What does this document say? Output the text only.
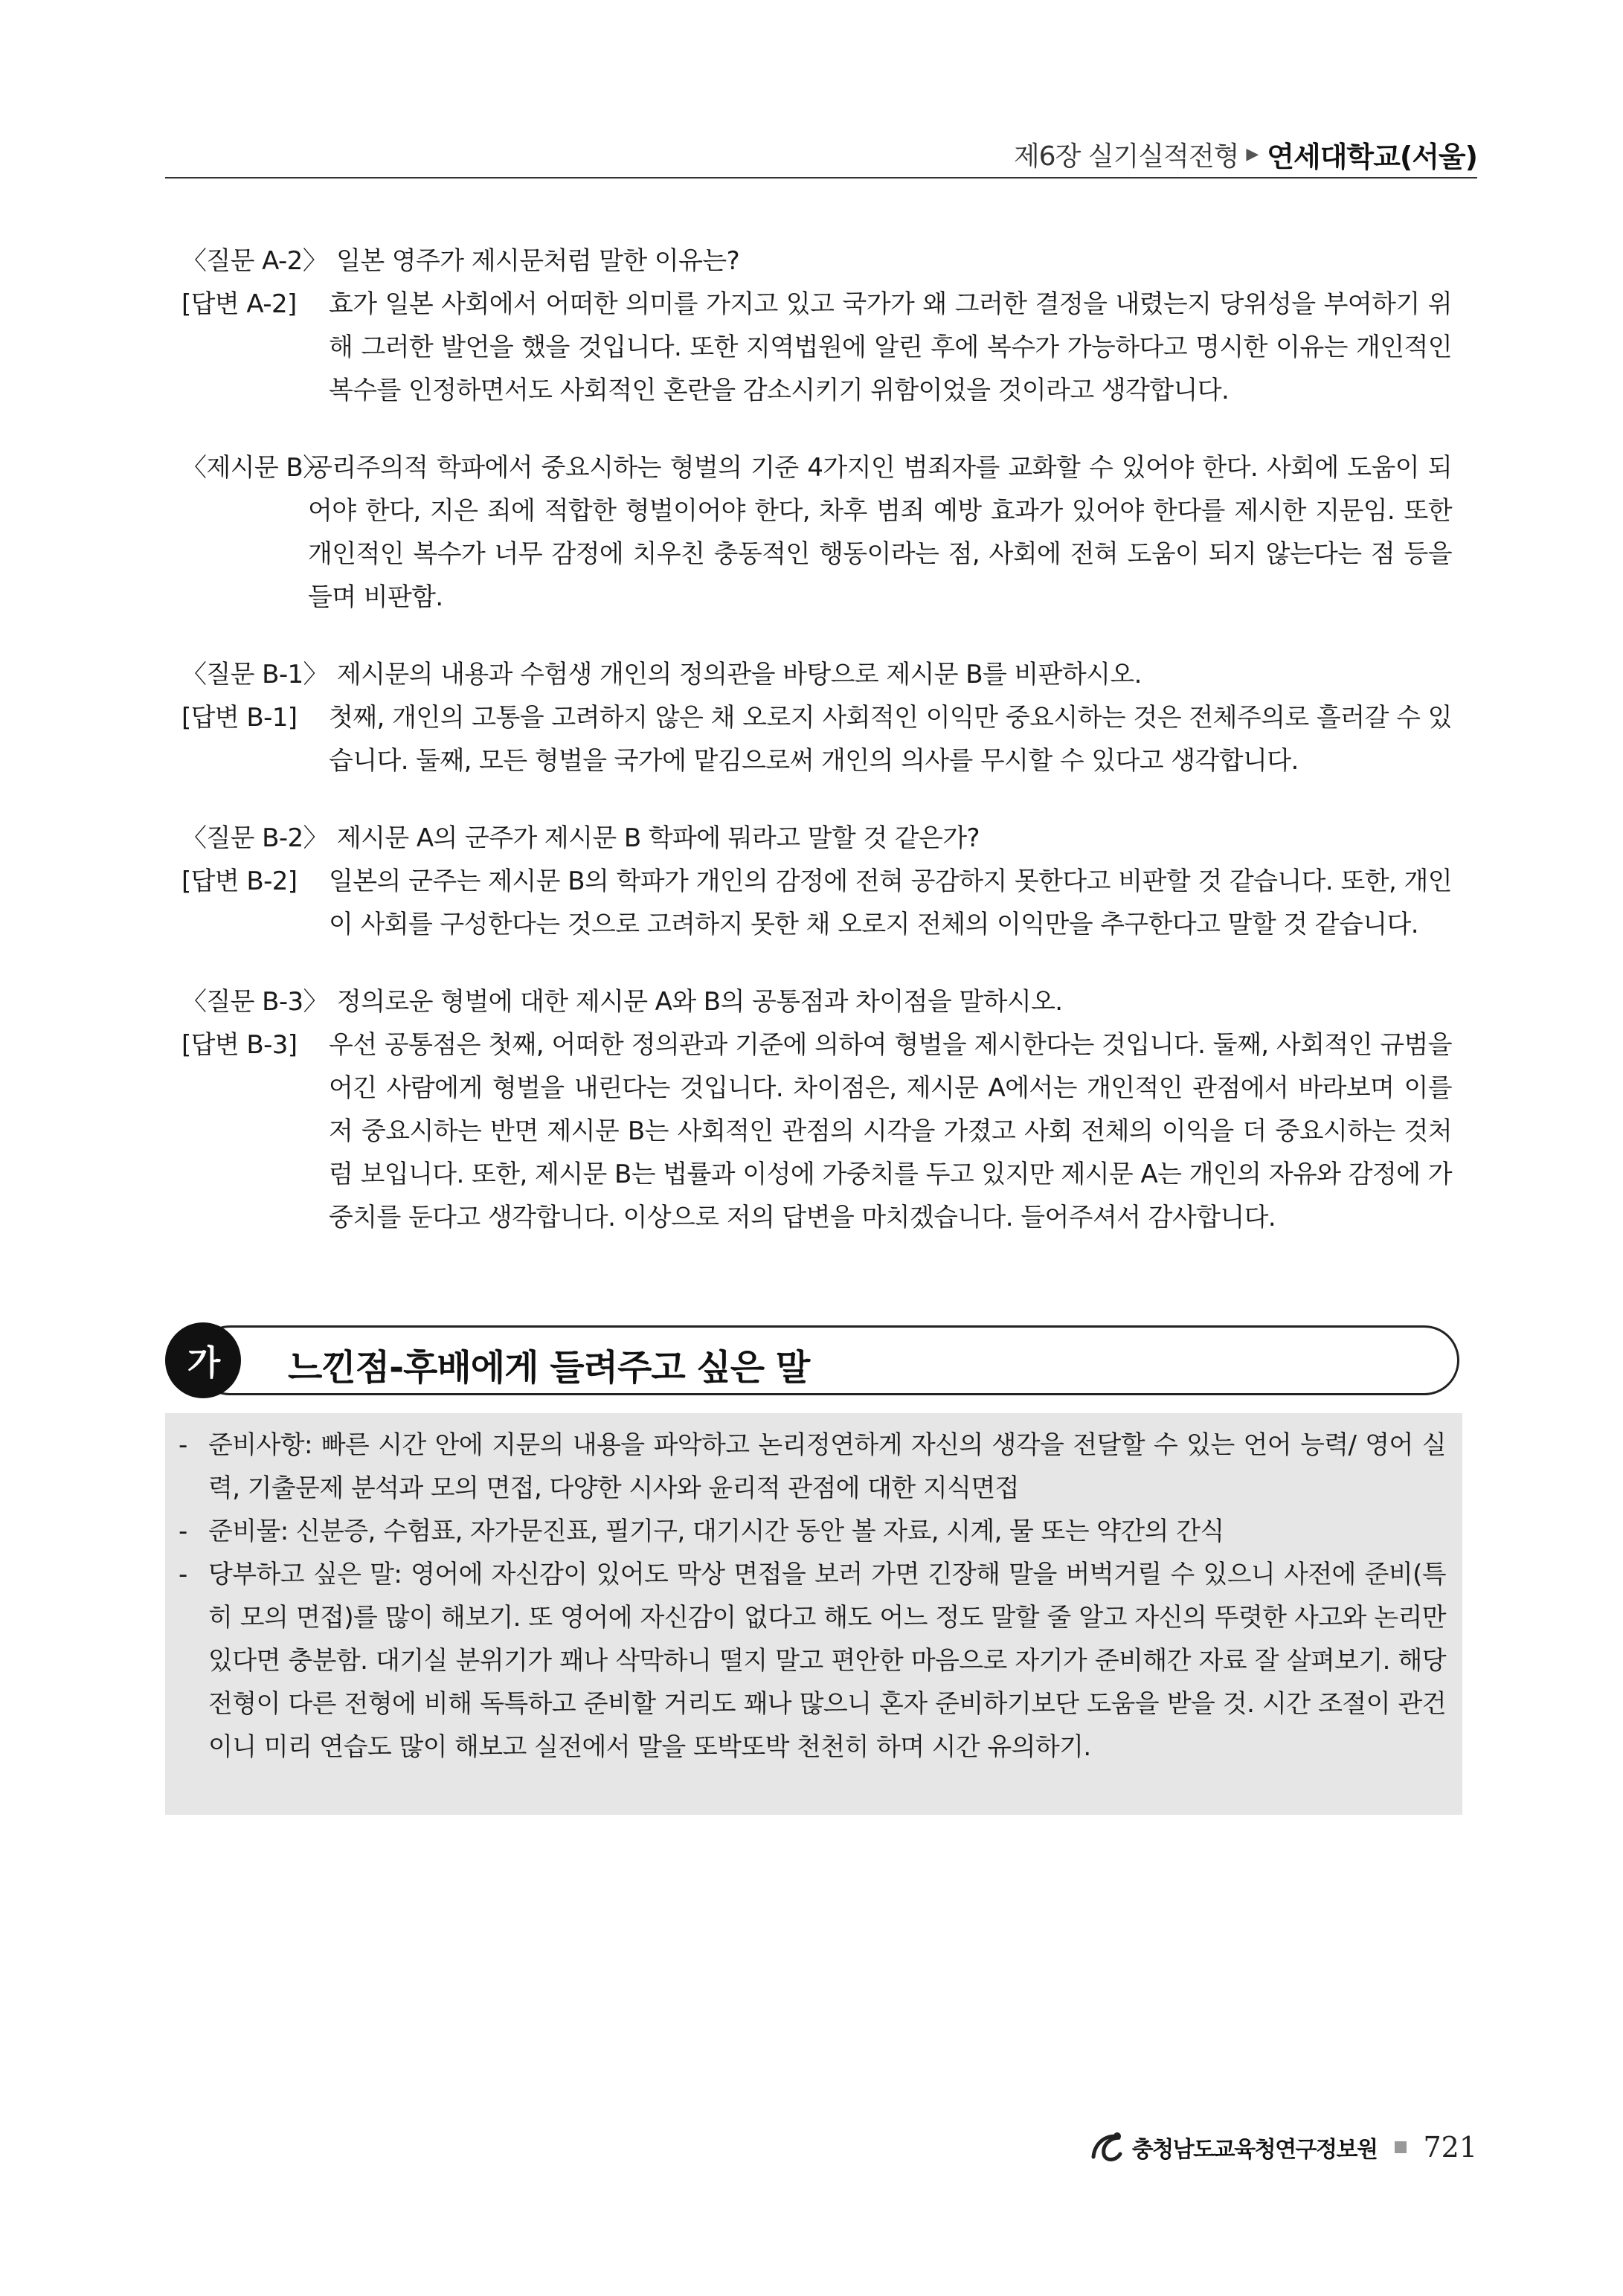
제6장 실기실적전형 ▶ 연세대학교(서울)
〈질문 A-2〉 일본 영주가 제시문처럼 말한 이유는?
[답변 A-2]	효가 일본 사회에서 어떠한 의미를 가지고 있고 국가가 왜 그러한 결정을 내렸는지 당위성을 부여하기 위해 그러한 발언을 했을 것입니다. 또한 지역법원에 알린 후에 복수가 가능하다고 명시한 이유는 개인적인 복수를 인정하면서도 사회적인 혼란을 감소시키기 위함이었을 것이라고 생각합니다.
〈제시문 B〉
공리주의적 학파에서 중요시하는 형벌의 기준 4가지인 범죄자를 교화할 수 있어야 한다. 사회에 도움이 되어야 한다, 지은 죄에 적합한 형벌이어야 한다, 차후 범죄 예방 효과가 있어야 한다를 제시한 지문임. 또한 개인적인 복수가 너무 감정에 치우친 충동적인 행동이라는 점, 사회에 전혀 도움이 되지 않는다는 점 등을 들며 비판함.
〈질문 B-1〉 제시문의 내용과 수험생 개인의 정의관을 바탕으로 제시문 B를 비판하시오.
[답변 B-1]	첫째, 개인의 고통을 고려하지 않은 채 오로지 사회적인 이익만 중요시하는 것은 전체주의로 흘러갈 수 있습니다. 둘째, 모든 형벌을 국가에 맡김으로써 개인의 의사를 무시할 수 있다고 생각합니다.
〈질문 B-2〉 제시문 A의 군주가 제시문 B 학파에 뭐라고 말할 것 같은가?
[답변 B-2]	일본의 군주는 제시문 B의 학파가 개인의 감정에 전혀 공감하지 못한다고 비판할 것 같습니다. 또한, 개인이 사회를 구성한다는 것으로 고려하지 못한 채 오로지 전체의 이익만을 추구한다고 말할 것 같습니다.
〈질문 B-3〉 정의로운 형벌에 대한 제시문 A와 B의 공통점과 차이점을 말하시오.
[답변 B-3]	우선 공통점은 첫째, 어떠한 정의관과 기준에 의하여 형벌을 제시한다는 것입니다. 둘째, 사회적인 규범을 어긴 사람에게 형벌을 내린다는 것입니다. 차이점은, 제시문 A에서는 개인적인 관점에서 바라보며 이를 저 중요시하는 반면 제시문 B는 사회적인 관점의 시각을 가졌고 사회 전체의 이익을 더 중요시하는 것처럼 보입니다. 또한, 제시문 B는 법률과 이성에 가중치를 두고 있지만 제시문 A는 개인의 자유와 감정에 가중치를 둔다고 생각합니다. 이상으로 저의 답변을 마치겠습니다. 들어주셔서 감사합니다.
가	느낀점-후배에게 들려주고 싶은 말
- 준비사항: 빠른 시간 안에 지문의 내용을 파악하고 논리정연하게 자신의 생각을 전달할 수 있는 언어 능력/ 영어 실력, 기출문제 분석과 모의 면접, 다양한 시사와 윤리적 관점에 대한 지식면접
- 준비물: 신분증, 수험표, 자가문진표, 필기구, 대기시간 동안 볼 자료, 시계, 물 또는 약간의 간식
- 당부하고 싶은 말: 영어에 자신감이 있어도 막상 면접을 보러 가면 긴장해 말을 버벅거릴 수 있으니 사전에 준비(특히 모의 면접)를 많이 해보기. 또 영어에 자신감이 없다고 해도 어느 정도 말할 줄 알고 자신의 뚜렷한 사고와 논리만 있다면 충분함. 대기실 분위기가 꽤나 삭막하니 떨지 말고 편안한 마음으로 자기가 준비해간 자료 잘 살펴보기. 해당 전형이 다른 전형에 비해 독특하고 준비할 거리도 꽤나 많으니 혼자 준비하기보단 도움을 받을 것. 시간 조절이 관건이니 미리 연습도 많이 해보고 실전에서 말을 또박또박 천천히 하며 시간 유의하기.
충청남도교육청연구정보원 721
